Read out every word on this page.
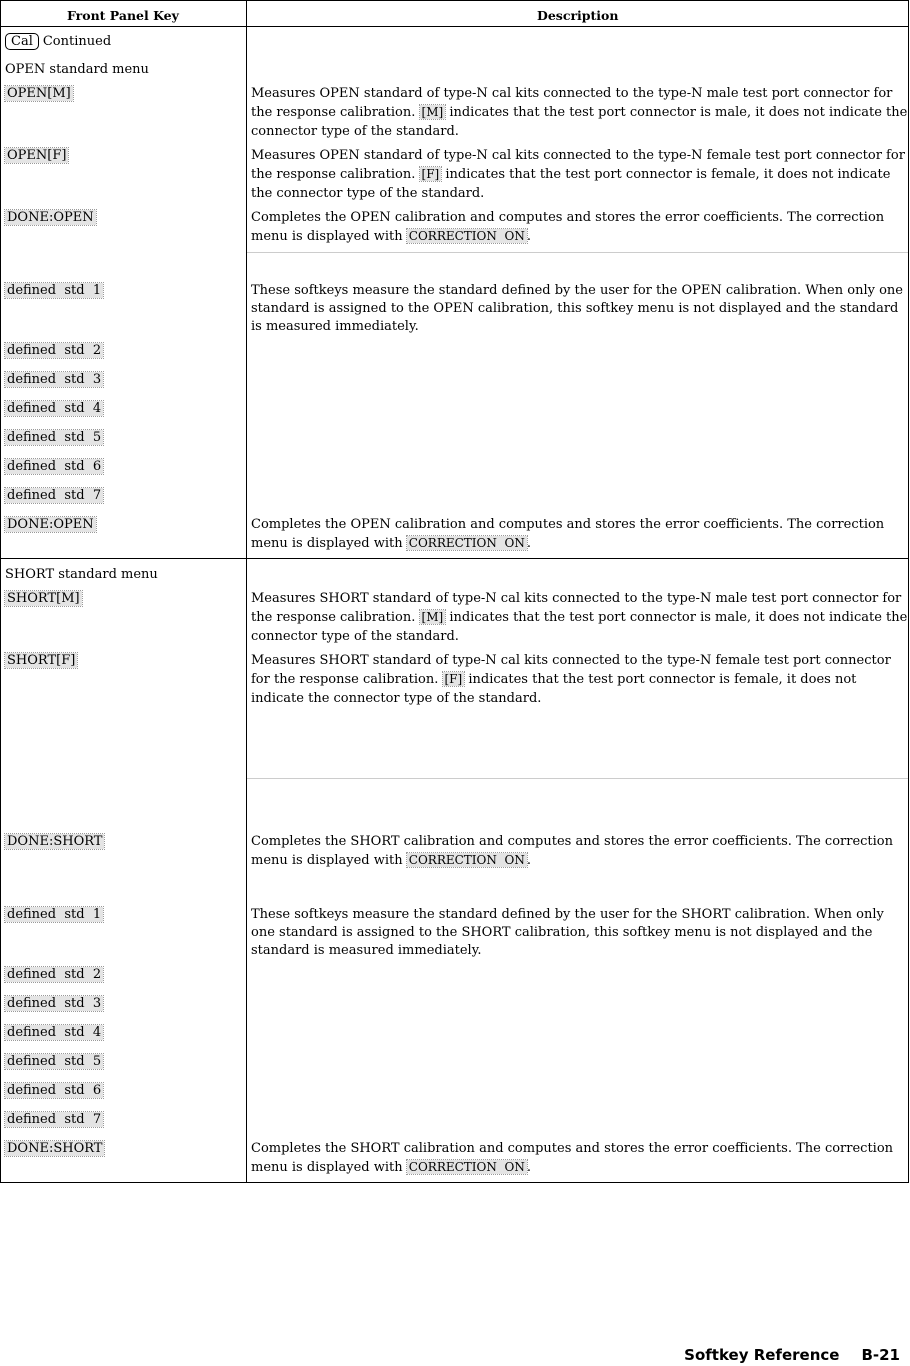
Front Panel Key	Description
Cal Continued
OPEN standard menu
OPEN[M]	Measures OPEN standard of type-N cal kits connected to the type-N male test port connector for the response calibration. [M] indicates that the test port connector is male, it does not indicate the connector type of the standard.
OPEN[F]	Measures OPEN standard of type-N cal kits connected to the type-N female test port connector for the response calibration. [F] indicates that the test port connector is female, it does not indicate the connector type of the standard.
DONE:OPEN	Completes the OPEN calibration and computes and stores the error coefficients. The correction menu is displayed with CORRECTION  ON .
defined  std  1	These softkeys measure the standard defined by the user for the OPEN calibration. When only one standard is assigned to the OPEN calibration, this softkey menu is not displayed and the standard is measured immediately.
defined  std  2
defined  std  3
defined  std  4
defined  std  5
defined  std  6
defined  std  7
DONE:OPEN	Completes the OPEN calibration and computes and stores the error coefficients. The correction menu is displayed with CORRECTION  ON .
SHORT standard menu
SHORT[M]	Measures SHORT standard of type-N cal kits connected to the type-N male test port connector for the response calibration. [M] indicates that the test port connector is male, it does not indicate the connector type of the standard.
SHORT[F]	Measures SHORT standard of type-N cal kits connected to the type-N female test port connector for the response calibration. [F] indicates that the test port connector is female, it does not indicate the connector type of the standard.
DONE:SHORT	Completes the SHORT calibration and computes and stores the error coefficients. The correction menu is displayed with CORRECTION  ON .
defined  std  1	These softkeys measure the standard defined by the user for the SHORT calibration. When only one standard is assigned to the SHORT calibration, this softkey menu is not displayed and the standard is measured immediately.
defined  std  2
defined  std  3
defined  std  4
defined  std  5
defined  std  6
defined  std  7
DONE:SHORT	Completes the SHORT calibration and computes and stores the error coefficients. The correction menu is displayed with CORRECTION  ON .
Softkey Reference B-21
